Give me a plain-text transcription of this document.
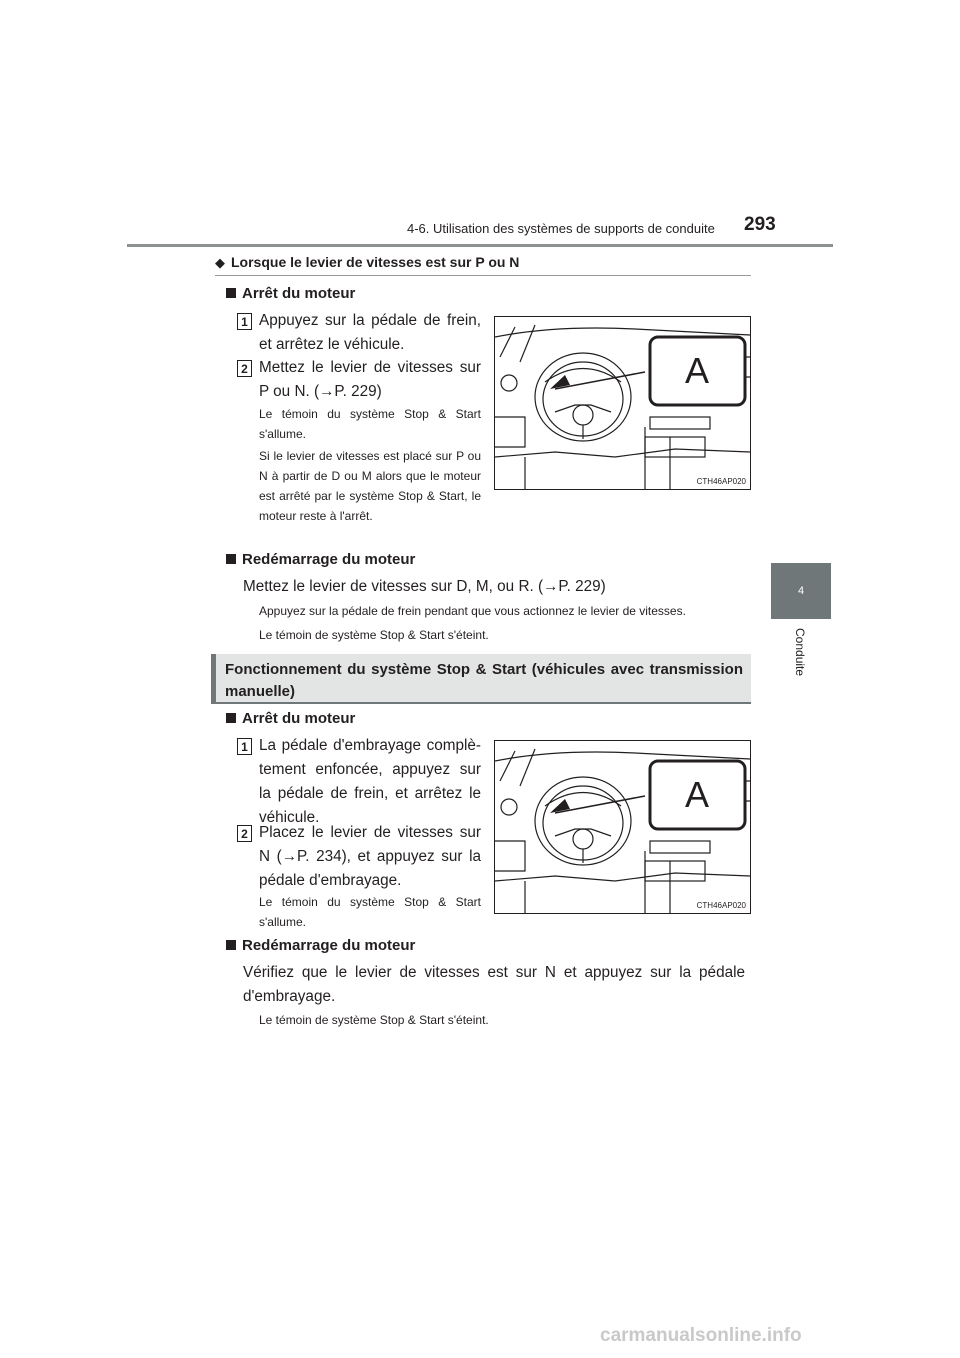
4-6. Utilisation des systèmes de supports de conduite 293
4
Conduite
◆ Lorsque le levier de vitesses est sur P ou N
Arrêt du moteur
1 Appuyez sur la pédale de frein,
et arrêtez le véhicule.
2 Mettez le levier de vitesses sur
P ou N. (→P. 229)
Le témoin du système Stop & Start s'allume.
Si le levier de vitesses est placé sur P ou N à partir de D ou M alors que le moteur est arrêté par le système Stop & Start, le moteur reste à l'arrêt.
A
CTH46AP020
Redémarrage du moteur
Mettez le levier de vitesses sur D, M, ou R. (→P. 229)
Appuyez sur la pédale de frein pendant que vous actionnez le levier de vitesses.
Le témoin de système Stop & Start s'éteint.
Fonctionnement du système Stop & Start (véhicules avec transmission manuelle)
Arrêt du moteur
1 La pédale d'embrayage complè-
tement enfoncée, appuyez sur
la pédale de frein, et arrêtez le
véhicule.
2 Placez le levier de vitesses sur
N (→P. 234), et appuyez sur la
pédale d'embrayage.
Le témoin du système Stop & Start s'allume.
A
CTH46AP020
Redémarrage du moteur
Vérifiez que le levier de vitesses est sur N et appuyez sur la pédale d'embrayage.
Le témoin de système Stop & Start s'éteint.
carmanualsonline.info
